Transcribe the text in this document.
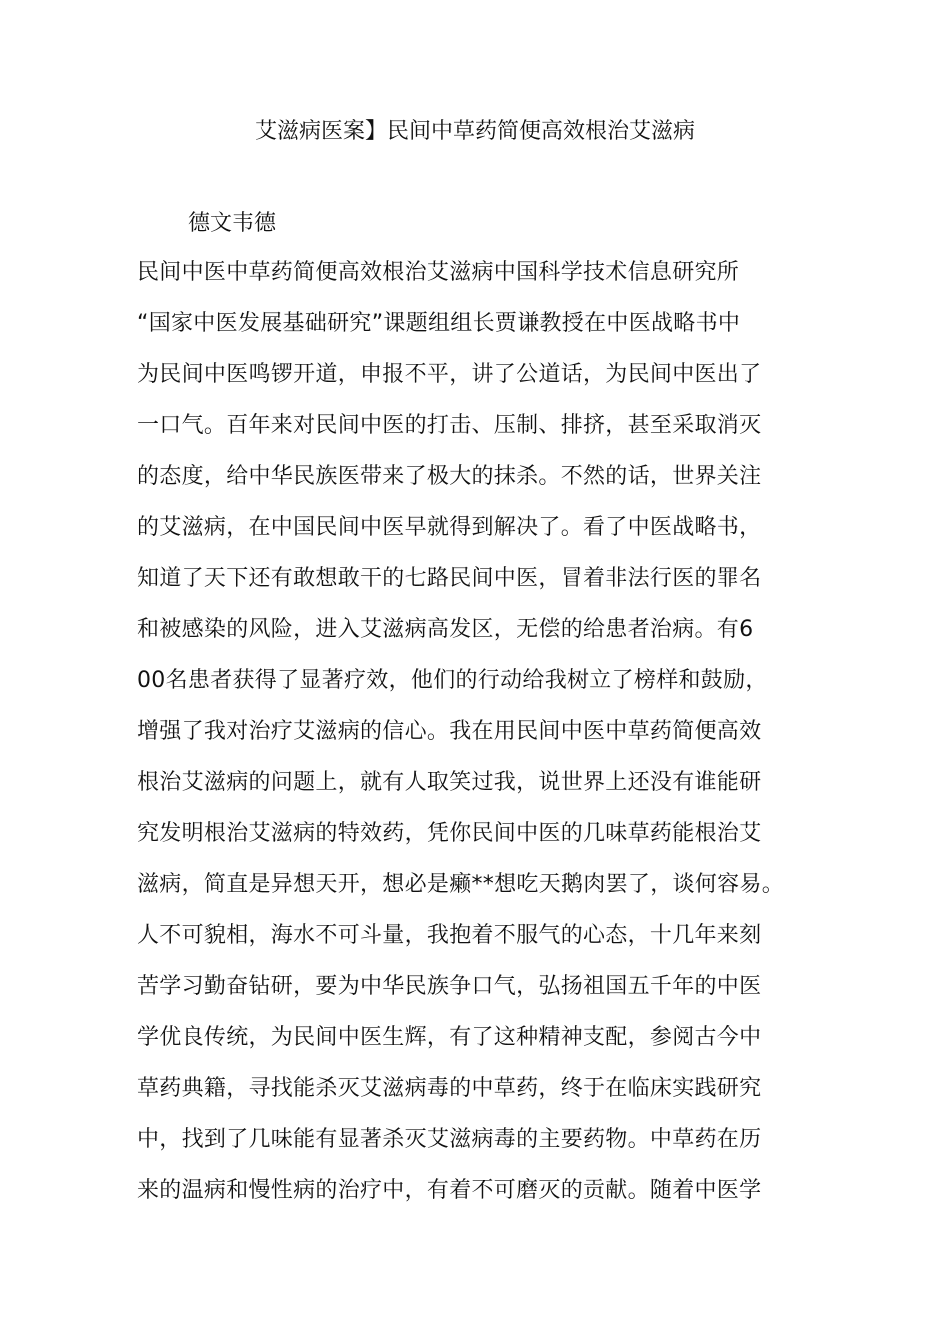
艾滋病医案】民间中草药简便高效根治艾滋病
德文韦德
民间中医中草药简便高效根治艾滋病中国科学技术信息研究所
“国家中医发展基础研究”课题组组长贾谦教授在中医战略书中
为民间中医鸣锣开道，申报不平，讲了公道话，为民间中医出了
一口气。百年来对民间中医的打击、压制、排挤，甚至采取消灭
的态度，给中华民族医带来了极大的抹杀。不然的话，世界关注
的艾滋病，在中国民间中医早就得到解决了。看了中医战略书，
知道了天下还有敢想敢干的七路民间中医，冒着非法行医的罪名
和被感染的风险，进入艾滋病高发区，无偿的给患者治病。有6
00名患者获得了显著疗效，他们的行动给我树立了榜样和鼓励，
增强了我对治疗艾滋病的信心。我在用民间中医中草药简便高效
根治艾滋病的问题上，就有人取笑过我，说世界上还没有谁能研
究发明根治艾滋病的特效药，凭你民间中医的几味草药能根治艾
滋病，简直是异想天开，想必是癞**想吃天鹅肉罢了，谈何容易。
人不可貌相，海水不可斗量，我抱着不服气的心态，十几年来刻
苦学习勤奋钻研，要为中华民族争口气，弘扬祖国五千年的中医
学优良传统，为民间中医生辉，有了这种精神支配，参阅古今中
草药典籍，寻找能杀灭艾滋病毒的中草药，终于在临床实践研究
中，找到了几味能有显著杀灭艾滋病毒的主要药物。中草药在历
来的温病和慢性病的治疗中，有着不可磨灭的贡献。随着中医学
